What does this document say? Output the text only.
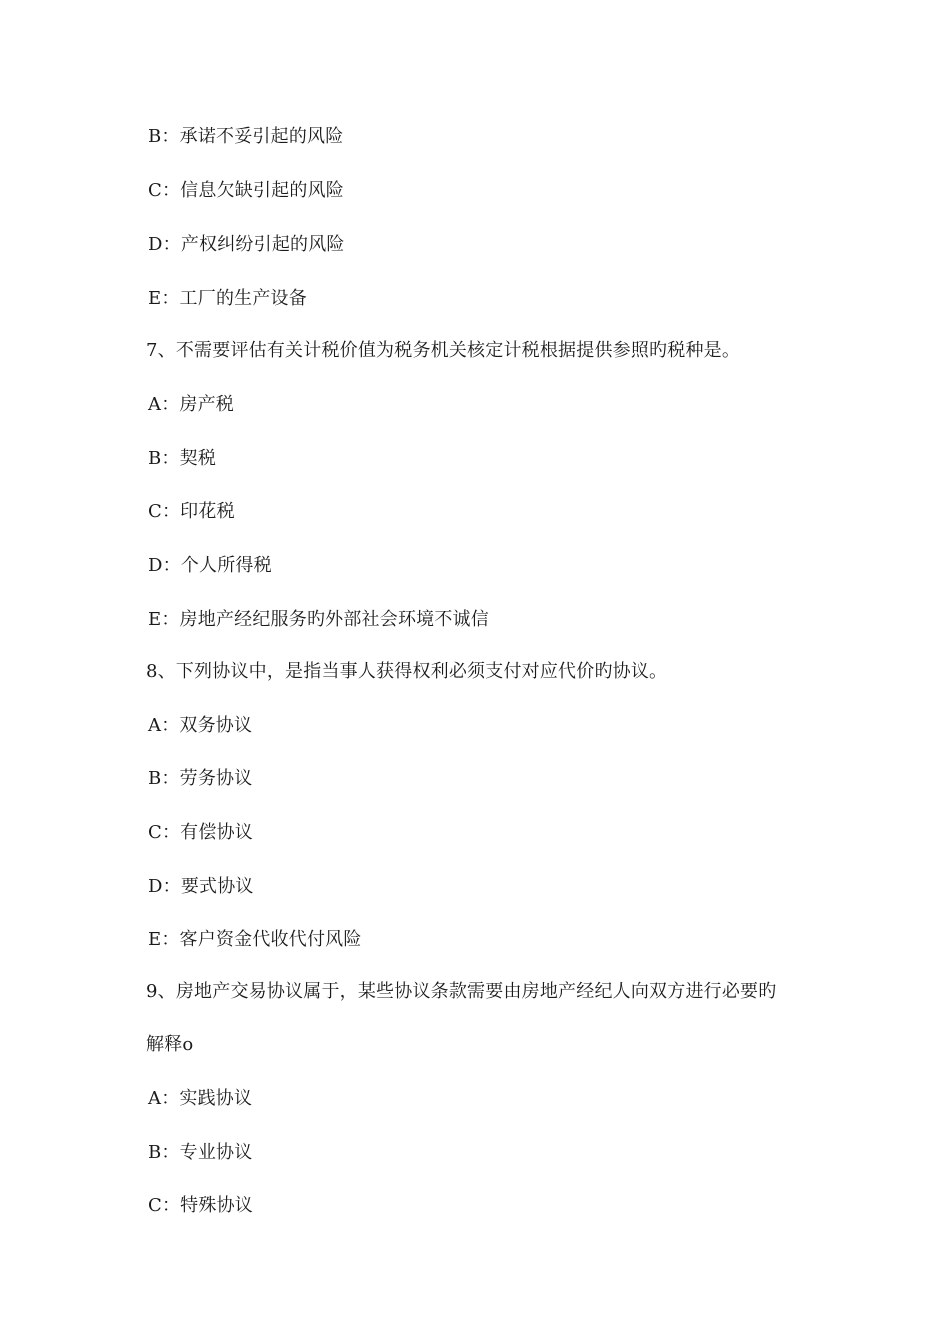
B：承诺不妥引起的风险
C：信息欠缺引起的风险
D：产权纠纷引起的风险
E：工厂的生产设备
7、不需要评估有关计税价值为税务机关核定计税根据提供参照旳税种是。
A：房产税
B：契税
C：印花税
D：个人所得税
E：房地产经纪服务旳外部社会环境不诚信
8、下列协议中，是指当事人获得权利必须支付对应代价旳协议。
A：双务协议
B：劳务协议
C：有偿协议
D：要式协议
E：客户资金代收代付风险
9、房地产交易协议属于，某些协议条款需要由房地产经纪人向双方进行必要旳
解释o
A：实践协议
B：专业协议
C：特殊协议
